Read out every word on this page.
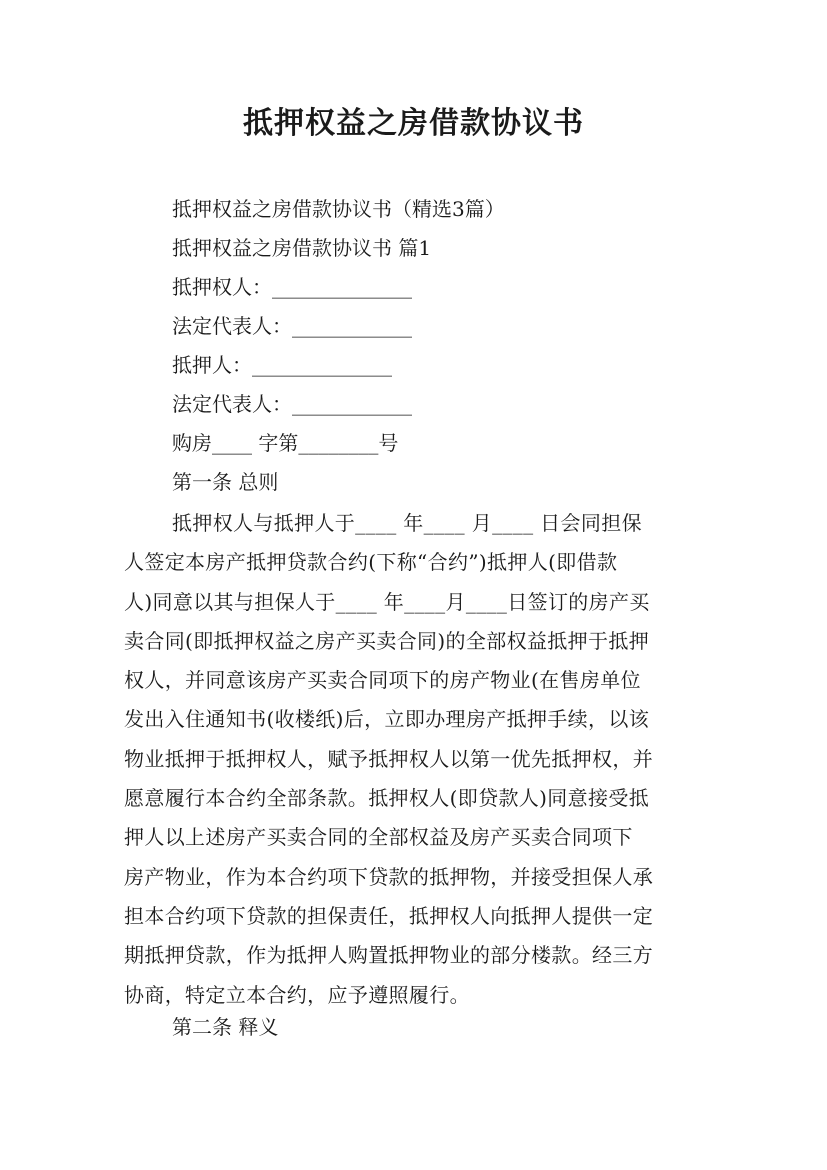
抵押权益之房借款协议书
抵押权益之房借款协议书（精选3篇）
抵押权益之房借款协议书 篇1
抵押权人：______________
法定代表人：____________
抵押人：______________
法定代表人：____________
购房____ 字第________号
第一条 总则
抵押权人与抵押人于____ 年____ 月____ 日会同担保
人签定本房产抵押贷款合约(下称“合约”)抵押人(即借款
人)同意以其与担保人于____ 年____月____日签订的房产买
卖合同(即抵押权益之房产买卖合同)的全部权益抵押于抵押
权人，并同意该房产买卖合同项下的房产物业(在售房单位
发出入住通知书(收楼纸)后，立即办理房产抵押手续，以该
物业抵押于抵押权人，赋予抵押权人以第一优先抵押权，并
愿意履行本合约全部条款。抵押权人(即贷款人)同意接受抵
押人以上述房产买卖合同的全部权益及房产买卖合同项下
房产物业，作为本合约项下贷款的抵押物，并接受担保人承
担本合约项下贷款的担保责任，抵押权人向抵押人提供一定
期抵押贷款，作为抵押人购置抵押物业的部分楼款。经三方
协商，特定立本合约，应予遵照履行。
第二条 释义
